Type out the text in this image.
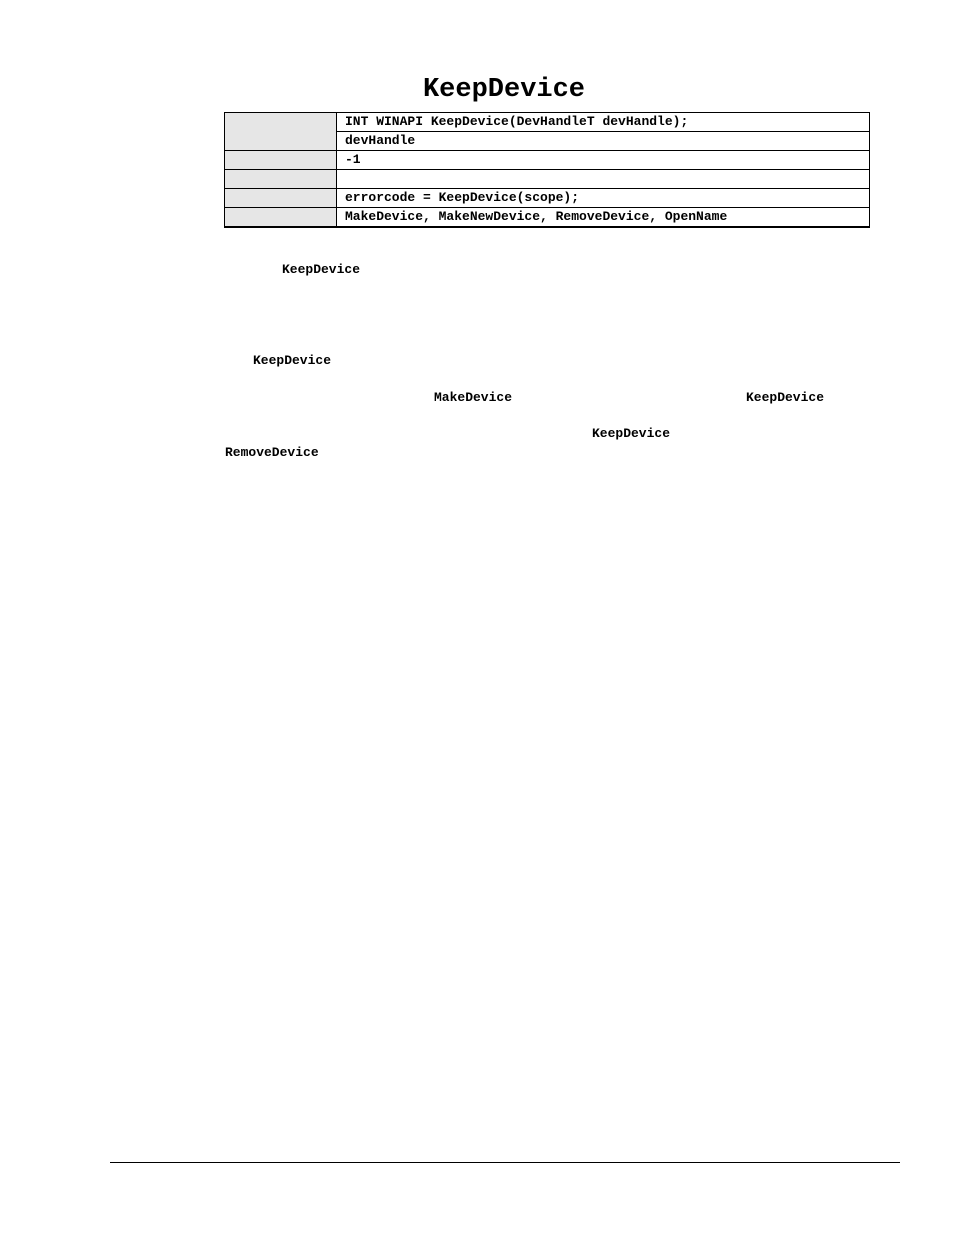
KeepDevice
	INT WINAPI KeepDevice(DevHandleT devHandle);
	devHandle
	-1

	errorcode = KeepDevice(scope);
	MakeDevice, MakeNewDevice, RemoveDevice, OpenName
KeepDevice
KeepDevice
MakeDevice	KeepDevice
KeepDevice
RemoveDevice
